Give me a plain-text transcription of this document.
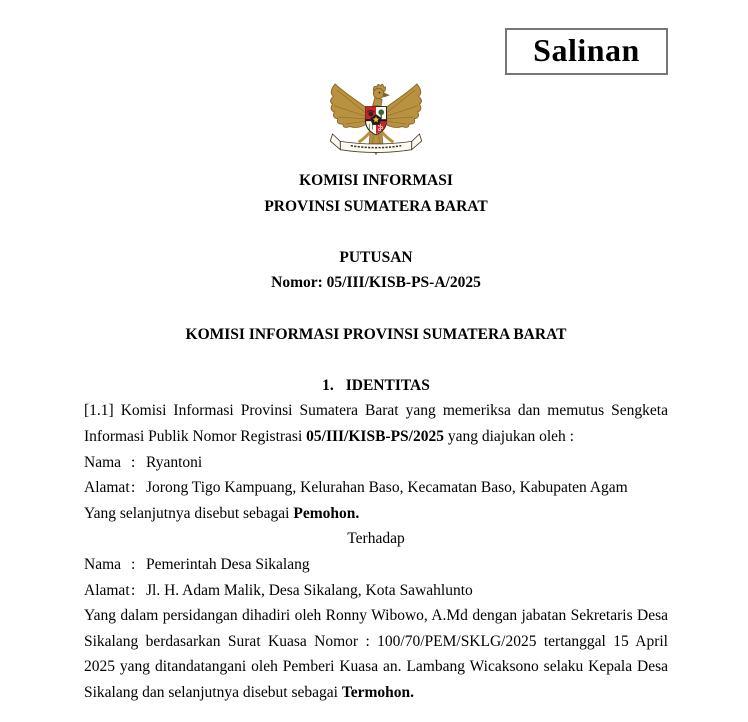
Salinan
KOMISI INFORMASI
PROVINSI SUMATERA BARAT
PUTUSAN
Nomor: 05/III/KISB-PS-A/2025
KOMISI INFORMASI PROVINSI SUMATERA BARAT
1. IDENTITAS

[1.1] Komisi Informasi Provinsi Sumatera Barat yang memeriksa dan memutus Sengketa Informasi Publik Nomor Registrasi 05/III/KISB-PS/2025 yang diajukan oleh :

Nama : Ryantoni
Alamat : Jorong Tigo Kampuang, Kelurahan Baso, Kecamatan Baso, Kabupaten Agam
Yang selanjutnya disebut sebagai Pemohon.
Terhadap
Nama : Pemerintah Desa Sikalang
Alamat : Jl. H. Adam Malik, Desa Sikalang, Kota Sawahlunto

Yang dalam persidangan dihadiri oleh Ronny Wibowo, A.Md dengan jabatan Sekretaris Desa Sikalang berdasarkan Surat Kuasa Nomor : 100/70/PEM/SKLG/2025 tertanggal 15 April 2025 yang ditandatangani oleh Pemberi Kuasa an. Lambang Wicaksono selaku Kepala Desa Sikalang dan selanjutnya disebut sebagai Termohon.
